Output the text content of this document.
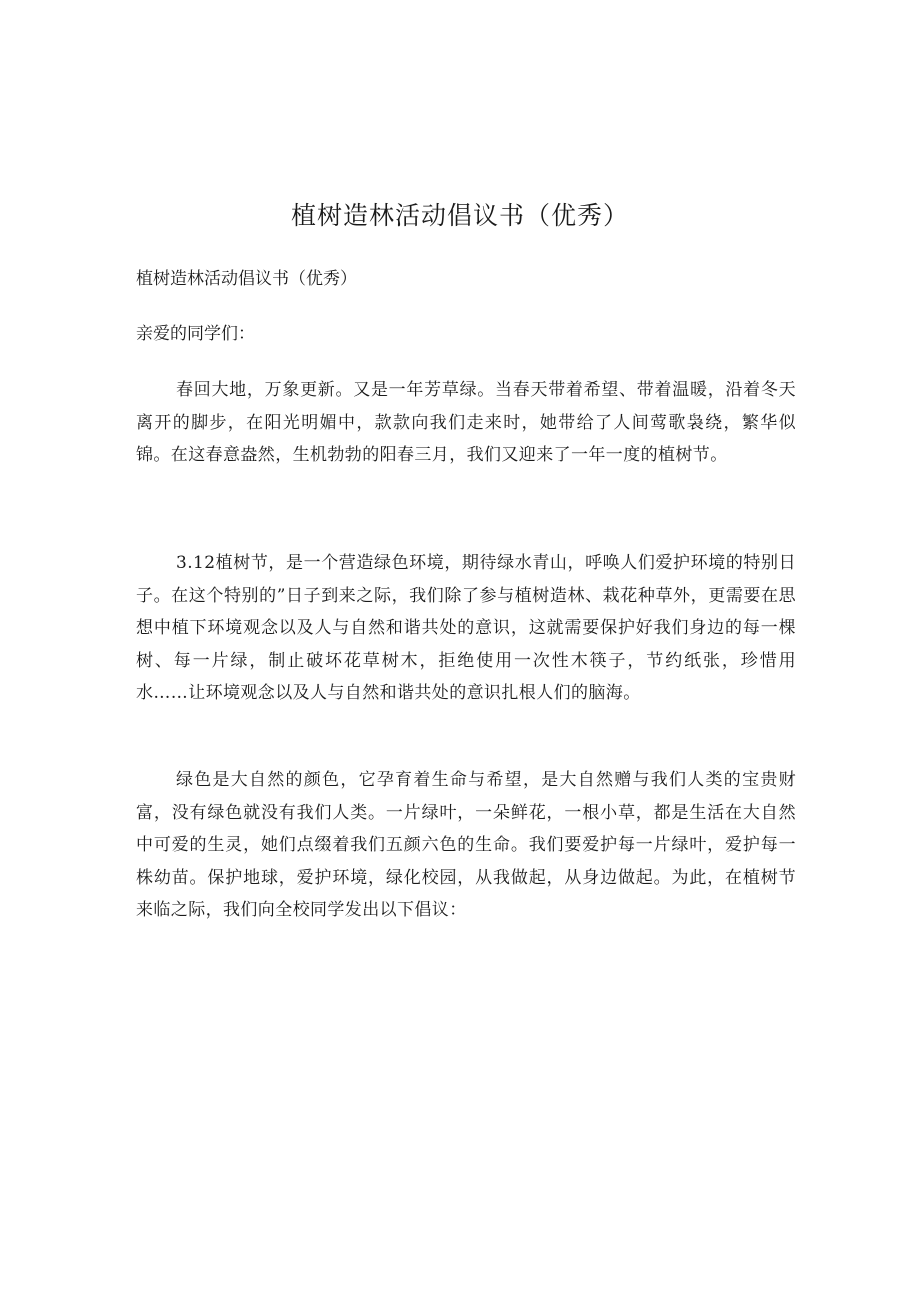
植树造林活动倡议书（优秀）

植树造林活动倡议书（优秀）

亲爱的同学们：

春回大地，万象更新。又是一年芳草绿。当春天带着希望、带着温暖，沿着冬天离开的脚步，在阳光明媚中，款款向我们走来时，她带给了人间莺歌袅绕，繁华似锦。在这春意盎然，生机勃勃的阳春三月，我们又迎来了一年一度的植树节。

3.12植树节，是一个营造绿色环境，期待绿水青山，呼唤人们爱护环境的特别日子。在这个特别的”日子到来之际，我们除了参与植树造林、栽花种草外，更需要在思想中植下环境观念以及人与自然和谐共处的意识，这就需要保护好我们身边的每一棵树、每一片绿，制止破坏花草树木，拒绝使用一次性木筷子，节约纸张，珍惜用水……让环境观念以及人与自然和谐共处的意识扎根人们的脑海。

绿色是大自然的颜色，它孕育着生命与希望，是大自然赠与我们人类的宝贵财富，没有绿色就没有我们人类。一片绿叶，一朵鲜花，一根小草，都是生活在大自然中可爱的生灵，她们点缀着我们五颜六色的生命。我们要爱护每一片绿叶，爱护每一株幼苗。保护地球，爱护环境，绿化校园，从我做起，从身边做起。为此，在植树节来临之际，我们向全校同学发出以下倡议：
